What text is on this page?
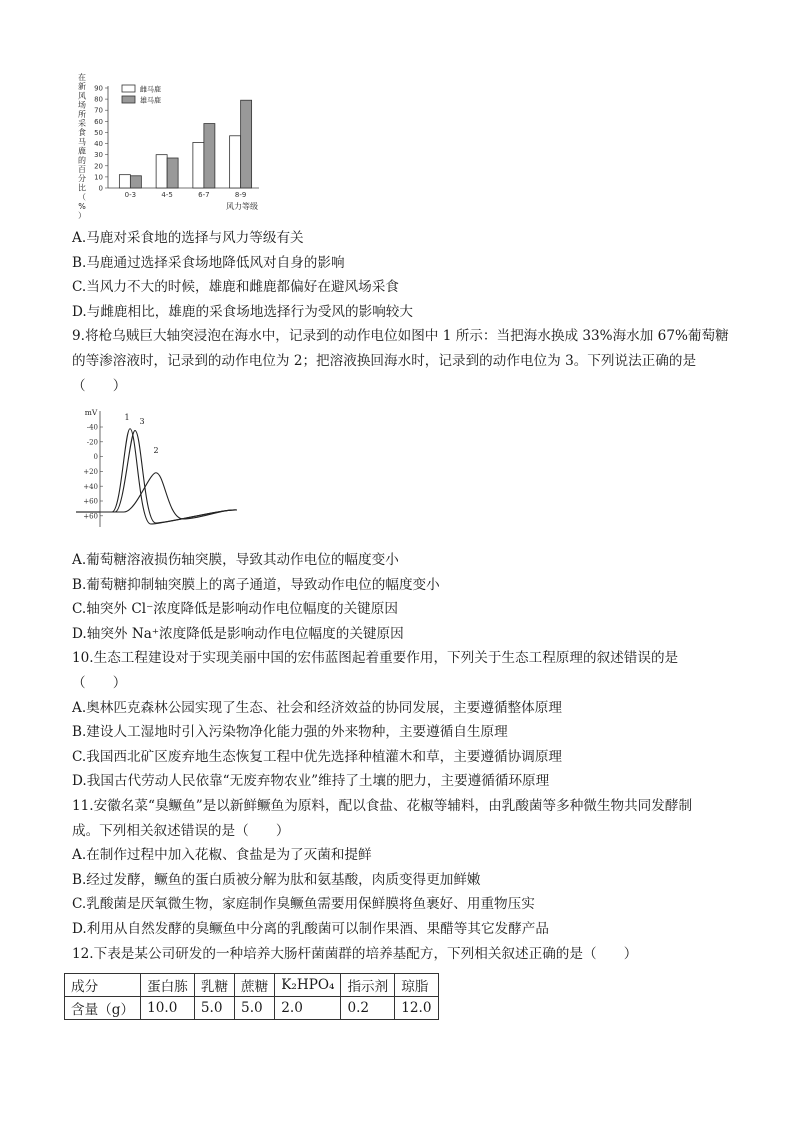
在
新
风
场
所
采
食
马
鹿
的
百
分
比
（
%
）
0
10
20
30
40
50
60
70
80
90
0-3	4-5	6-7	8-9
风力等级
雌马鹿
雄马鹿
A.马鹿对采食地的选择与风力等级有关
B.马鹿通过选择采食场地降低风对自身的影响
C.当风力不大的时候，雄鹿和雌鹿都偏好在避风场采食
D.与雌鹿相比，雄鹿的采食场地选择行为受风的影响较大
9.将枪乌贼巨大轴突浸泡在海水中，记录到的动作电位如图中 1 所示：当把海水换成 33%海水加 67%葡萄糖
的等渗溶液时，记录到的动作电位为 2；把溶液换回海水时，记录到的动作电位为 3。下列说法正确的是
（　　）
mV
-40
-20
0
+20
+40
+60
+60
1 3
2
A.葡萄糖溶液损伤轴突膜，导致其动作电位的幅度变小
B.葡萄糖抑制轴突膜上的离子通道，导致动作电位的幅度变小
C.轴突外 Cl⁻浓度降低是影响动作电位幅度的关键原因
D.轴突外 Na⁺浓度降低是影响动作电位幅度的关键原因
10.生态工程建设对于实现美丽中国的宏伟蓝图起着重要作用，下列关于生态工程原理的叙述错误的是
（　　）
A.奥林匹克森林公园实现了生态、社会和经济效益的协同发展，主要遵循整体原理
B.建设人工湿地时引入污染物净化能力强的外来物种，主要遵循自生原理
C.我国西北矿区废弃地生态恢复工程中优先选择种植灌木和草，主要遵循协调原理
D.我国古代劳动人民依靠“无废弃物农业”维持了土壤的肥力，主要遵循循环原理
11.安徽名菜“臭鳜鱼”是以新鲜鳜鱼为原料，配以食盐、花椒等辅料，由乳酸菌等多种微生物共同发酵制
成。下列相关叙述错误的是（　　）
A.在制作过程中加入花椒、食盐是为了灭菌和提鲜
B.经过发酵，鳜鱼的蛋白质被分解为肽和氨基酸，肉质变得更加鲜嫩
C.乳酸菌是厌氧微生物，家庭制作臭鳜鱼需要用保鲜膜将鱼裹好、用重物压实
D.利用从自然发酵的臭鳜鱼中分离的乳酸菌可以制作果酒、果醋等其它发酵产品
12.下表是某公司研发的一种培养大肠杆菌菌群的培养基配方，下列相关叙述正确的是（　　）
成分	蛋白胨	乳糖	蔗糖	K₂HPO₄	指示剂	琼脂
含量（g）	10.0	5.0	5.0	2.0	0.2	12.0
